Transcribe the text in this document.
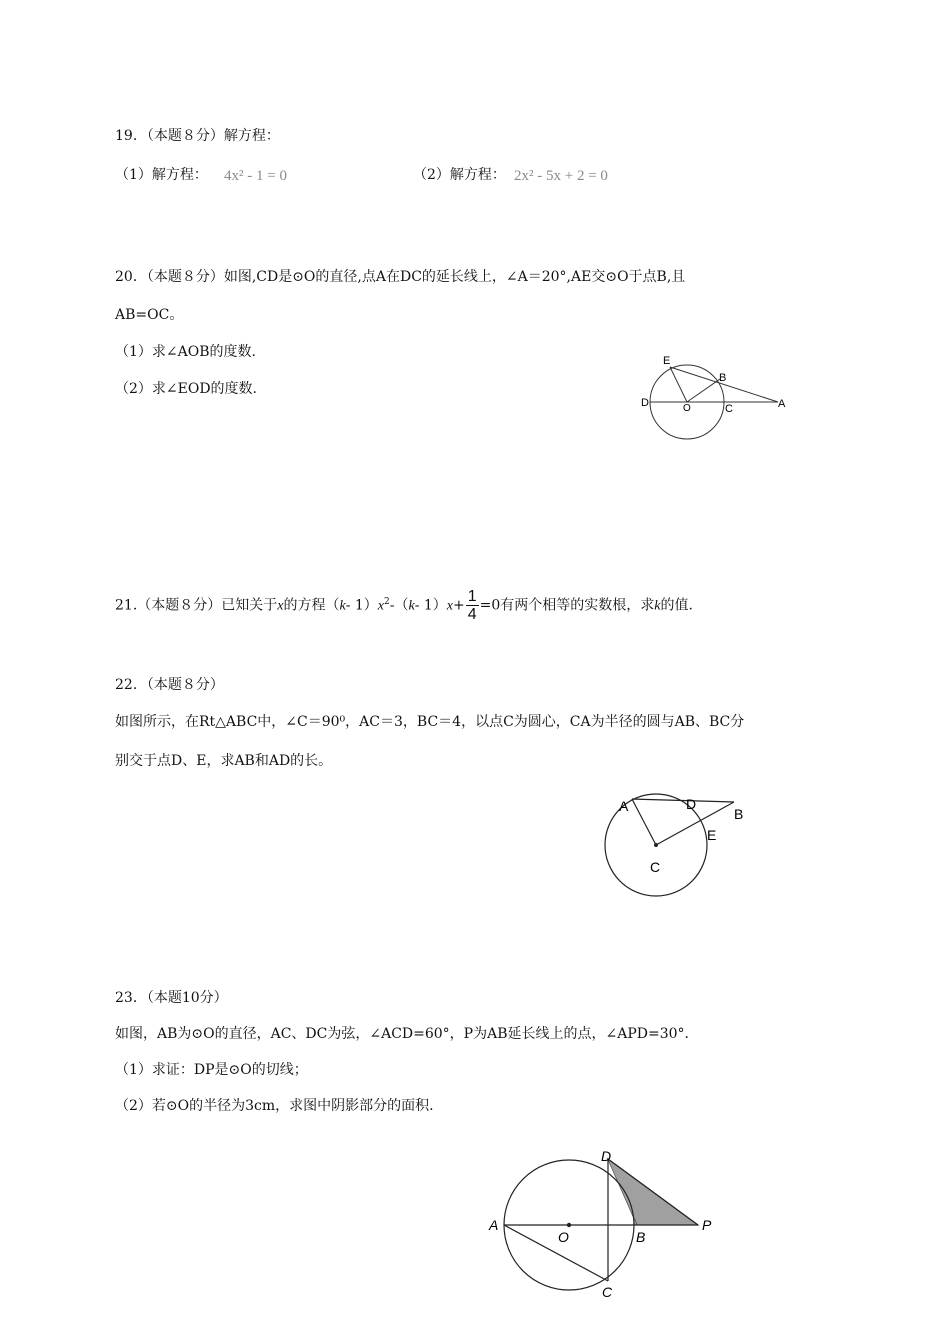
19．（本题８分）解方程：
（1）解方程： 4x² - 1 = 0	（2）解方程： 2x² - 5x + 2 = 0
20．（本题８分）如图,CD是⊙O的直径,点A在DC的延长线上，∠A＝20°,AE交⊙O于点B,且
AB=OC。
（1）求∠AOB的度数.
（2）求∠EOD的度数.
E
B
D	O	C	A
21.（本题８分）已知关于x的方程（k- $1)x^2-(k-$ $1)x+ \frac{1}{4} =0$有两个相等的实数根，求k的值.
22．（本题８分）
如图所示，在Rt△ABC中，∠C＝90⁰，AC＝3，BC＝4，以点C为圆心，CA为半径的圆与AB、BC分
别交于点D、E，求AB和AD的长。
A	D
B
E
C
23．（本题10分）
如图，AB为⊙O的直径，AC、DC为弦，∠ACD=60°，P为AB延长线上的点，∠APD=30°．
（1）求证：DP是⊙O的切线；
（2）若⊙O的半径为3cm，求图中阴影部分的面积.
D
A
O	B
P
C
